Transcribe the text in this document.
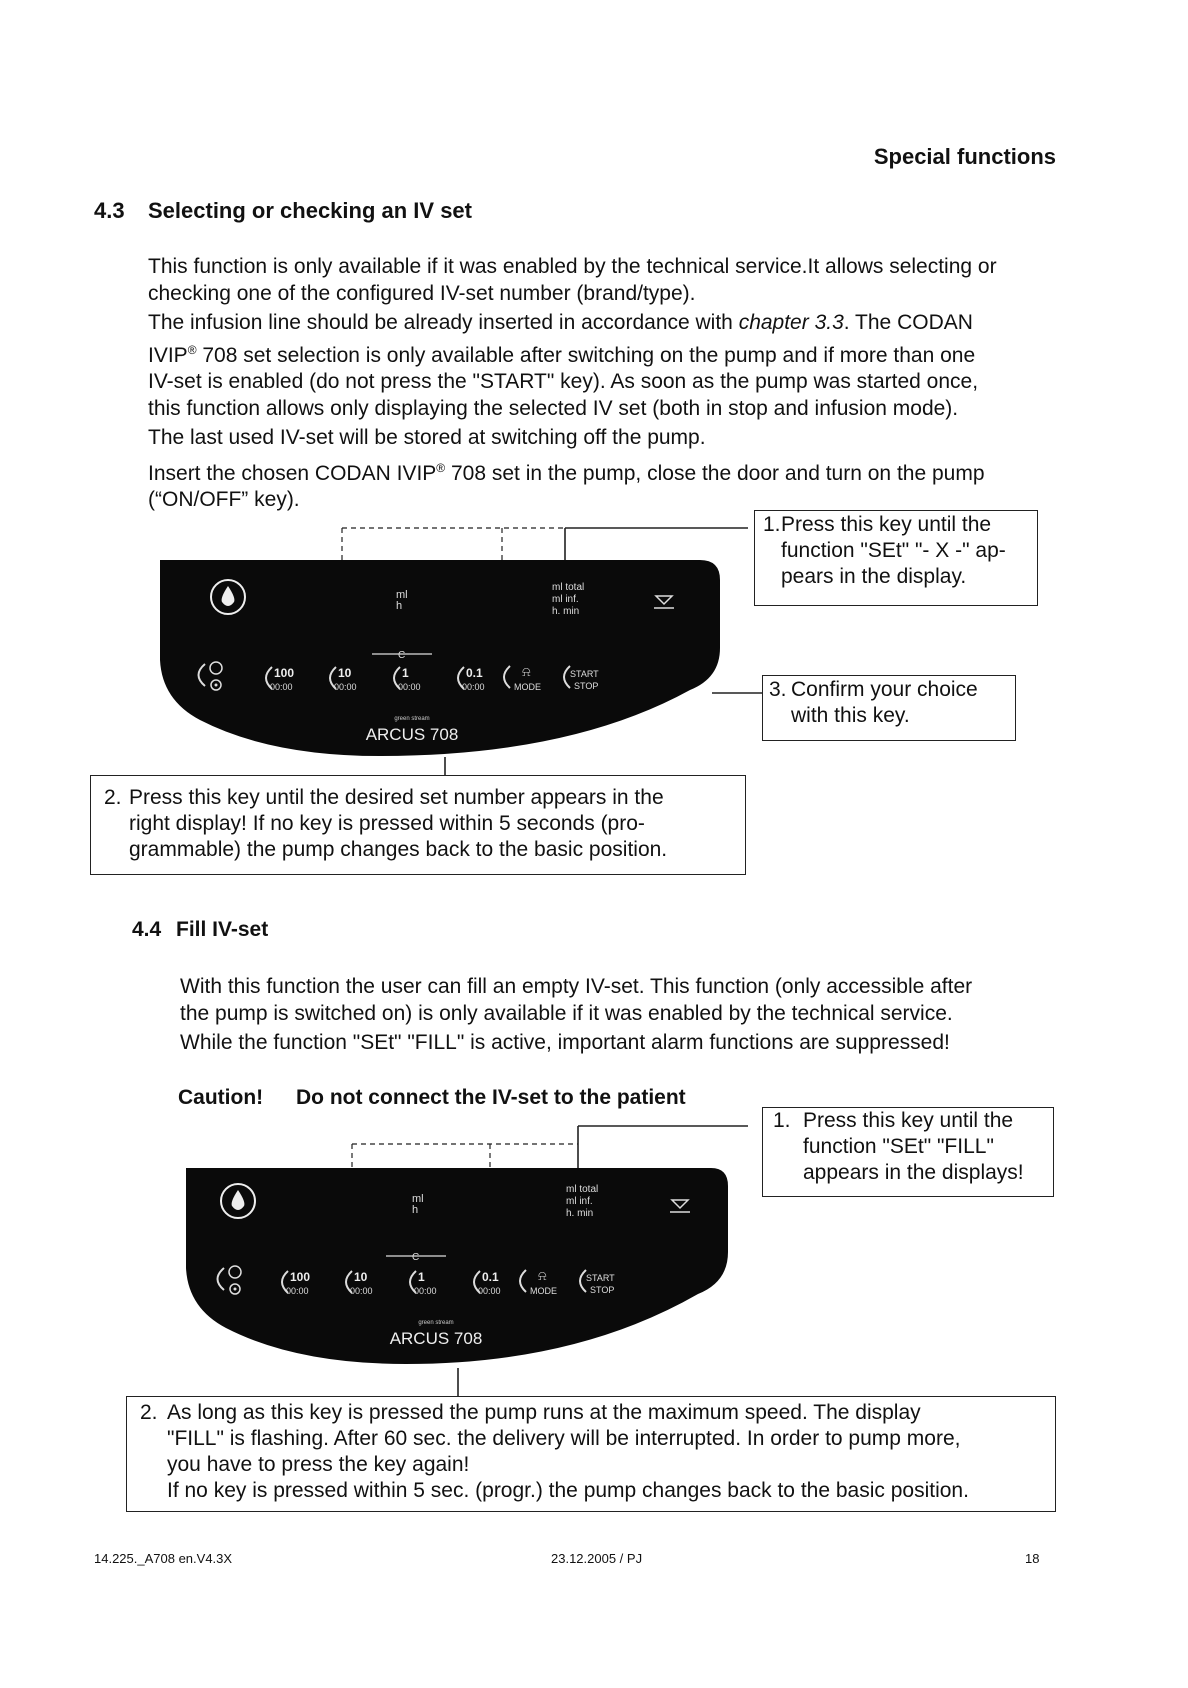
Special functions
4.3 Selecting or checking an IV set

This function is only available if it was enabled by the technical service.It allows selecting or

checking one of the configured IV-set number (brand/type).

The infusion line should be already inserted in accordance with chapter 3.3. The CODAN

IVIP® 708 set selection is only available after switching on the pump and if more than one

IV-set is enabled (do not press the "START" key). As soon as the pump was started once,

this function allows only displaying the selected IV set (both in stop and infusion mode).

The last used IV-set will be stored at switching off the pump.

Insert the chosen CODAN IVIP® 708 set in the pump, close the door and turn on the pump

(“ON/OFF” key).

ml
h
ml total
ml inf.
h. min
C
100
00:00
10
00:00
1
00:00
0.1
00:00
⍾
MODE
START
STOP
green stream
ARCUS 708
1. Press this key until the
function "SEt" "- X -" ap-
pears in the display.
3. Confirm your choice
with this key.
2. Press this key until the desired set number appears in the
right display! If no key is pressed within 5 seconds (pro-
grammable) the pump changes back to the basic position.
4.4 Fill IV-set

With this function the user can fill an empty IV-set. This function (only accessible after

the pump is switched on) is only available if it was enabled by the technical service.

While the function "SEt" "FILL" is active, important alarm functions are suppressed!

Caution! Do not connect the IV-set to the patient
ml
h
ml total
ml inf.
h. min
C
100
00:00
10
00:00
1
00:00
0.1
00:00
⍾
MODE
START
STOP
green stream
ARCUS 708
1. Press this key until the
function "SEt" "FILL"
appears in the displays!
2. As long as this key is pressed the pump runs at the maximum speed. The display
"FILL" is flashing. After 60 sec. the delivery will be interrupted. In order to pump more,
you have to press the key again!
If no key is pressed within 5 sec. (progr.) the pump changes back to the basic position.
14.225._A708 en.V4.3X	23.12.2005 / PJ	18
